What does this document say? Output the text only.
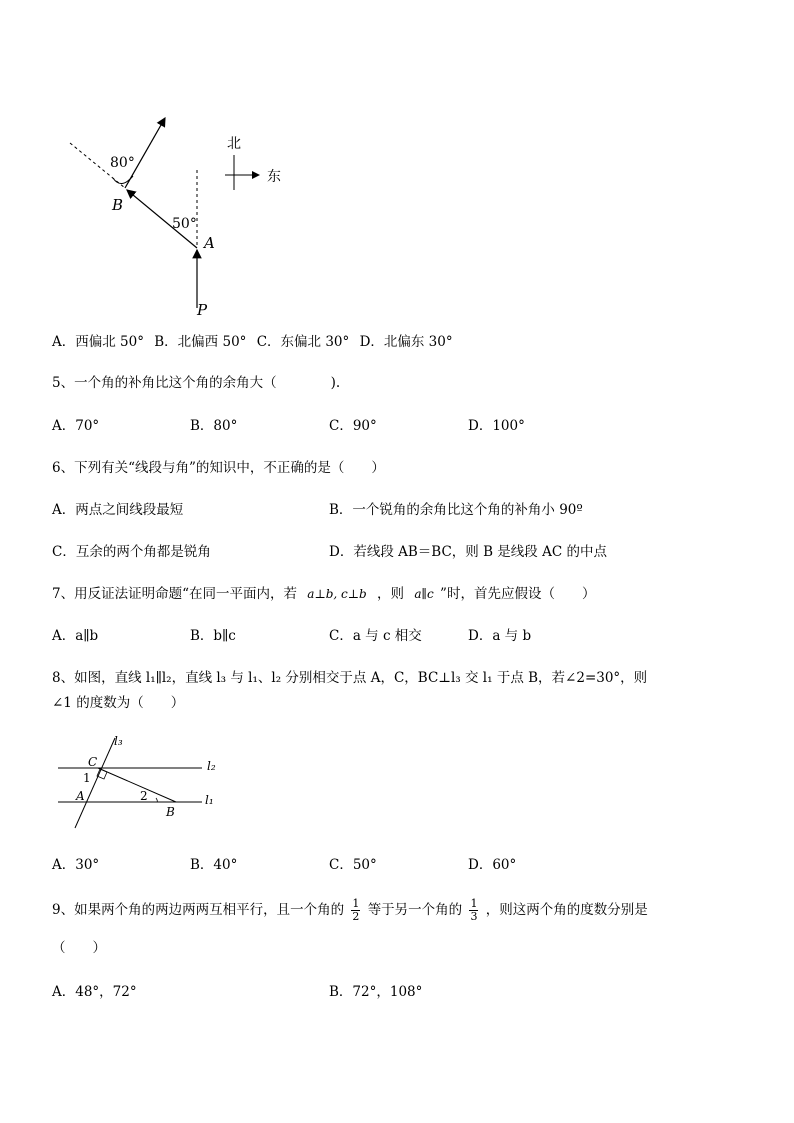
80°
50°
B
A
P
北
东
A．西偏北 50° B．北偏西 50° C．东偏北 30° D．北偏东 30°
5、一个角的补角比这个角的余角大（　　　　).
A．70°	B．80°	C．90°	D．100°
6、下列有关“线段与角”的知识中，不正确的是（　　）
A．两点之间线段最短	B．一个锐角的余角比这个角的补角小 90º
C．互余的两个角都是锐角	D．若线段 AB＝BC，则 B 是线段 AC 的中点
7、用反证法证明命题“在同一平面内，若 a⊥b, c⊥b ，则 a∥c ”时，首先应假设（　　）
A．a∥b	B．b∥c	C．a 与 c 相交	D．a 与 b
8、如图，直线 l₁∥l₂，直线 l₃ 与 l₁、l₂ 分别相交于点 A，C，BC⊥l₃ 交 l₁ 于点 B，若∠2=30°，则
∠1 的度数为（　　）
l₃
l₂
l₁
C
A
B
1
2
A．30°	B．40°	C．50°	D．60°
9、如果两个角的两边两两互相平行，且一个角的 $\frac{1}{2}$ 等于另一个角的 $\frac{1}{3}$ ，则这两个角的度数分别是
（　　）
A．48°，72°	B．72°，108°
